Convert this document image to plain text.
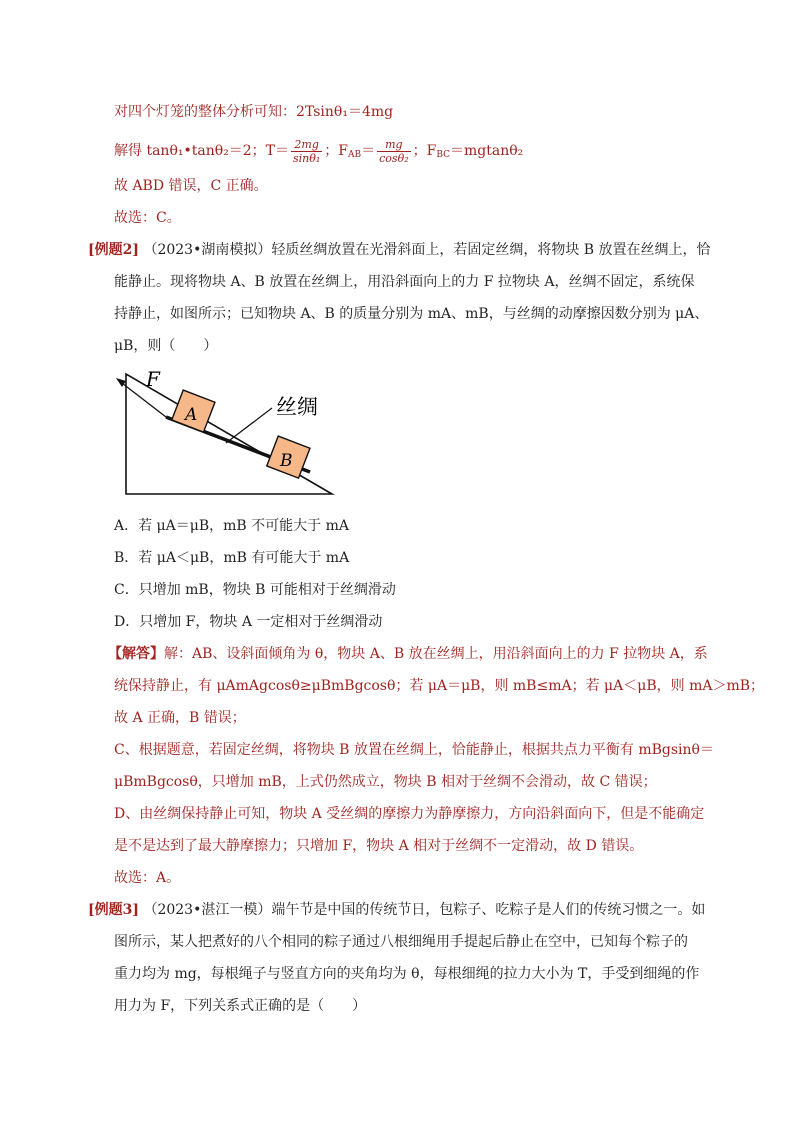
对四个灯笼的整体分析可知：2Tsinθ₁＝4mg
解得 tanθ₁•tanθ₂＝2；$T= \frac{2mg}{\text{sinθ₁}}$ ；$F_{AB}= \frac{mg}{\text{cosθ₂}}$ ；$F_{BC}=mgtan\theta_2$
故 ABD 错误，C 正确。
故选：C。
[例题2] （2023•湖南模拟）轻质丝绸放置在光滑斜面上，若固定丝绸，将物块 B 放置在丝绸上，恰
能静止。现将物块 A、B 放置在丝绸上，用沿斜面向上的力 F 拉物块 A，丝绸不固定，系统保
持静止，如图所示；已知物块 A、B 的质量分别为 mA、mB，与丝绸的动摩擦因数分别为 μA、
μB，则（　　）
F
A
B
丝绸
A．若 μA＝μB，mB 不可能大于 mA
B．若 μA＜μB，mB 有可能大于 mA
C．只增加 mB，物块 B 可能相对于丝绸滑动
D．只增加 F，物块 A 一定相对于丝绸滑动
【解答】解：AB、设斜面倾角为 θ，物块 A、B 放在丝绸上，用沿斜面向上的力 F 拉物块 A，系
统保持静止，有 μAmAgcosθ≥μBmBgcosθ；若 μA＝μB，则 mB≤mA；若 μA＜μB，则 mA＞mB；
故 A 正确，B 错误；
C、根据题意，若固定丝绸，将物块 B 放置在丝绸上，恰能静止，根据共点力平衡有 mBgsinθ＝
μBmBgcosθ，只增加 mB，上式仍然成立，物块 B 相对于丝绸不会滑动，故 C 错误；
D、由丝绸保持静止可知，物块 A 受丝绸的摩擦力为静摩擦力，方向沿斜面向下，但是不能确定
是不是达到了最大静摩擦力；只增加 F，物块 A 相对于丝绸不一定滑动，故 D 错误。
故选：A。
[例题3] （2023•湛江一模）端午节是中国的传统节日，包粽子、吃粽子是人们的传统习惯之一。如
图所示，某人把煮好的八个相同的粽子通过八根细绳用手提起后静止在空中，已知每个粽子的
重力均为 mg，每根绳子与竖直方向的夹角均为 θ，每根细绳的拉力大小为 T，手受到细绳的作
用力为 F，下列关系式正确的是（　　）
